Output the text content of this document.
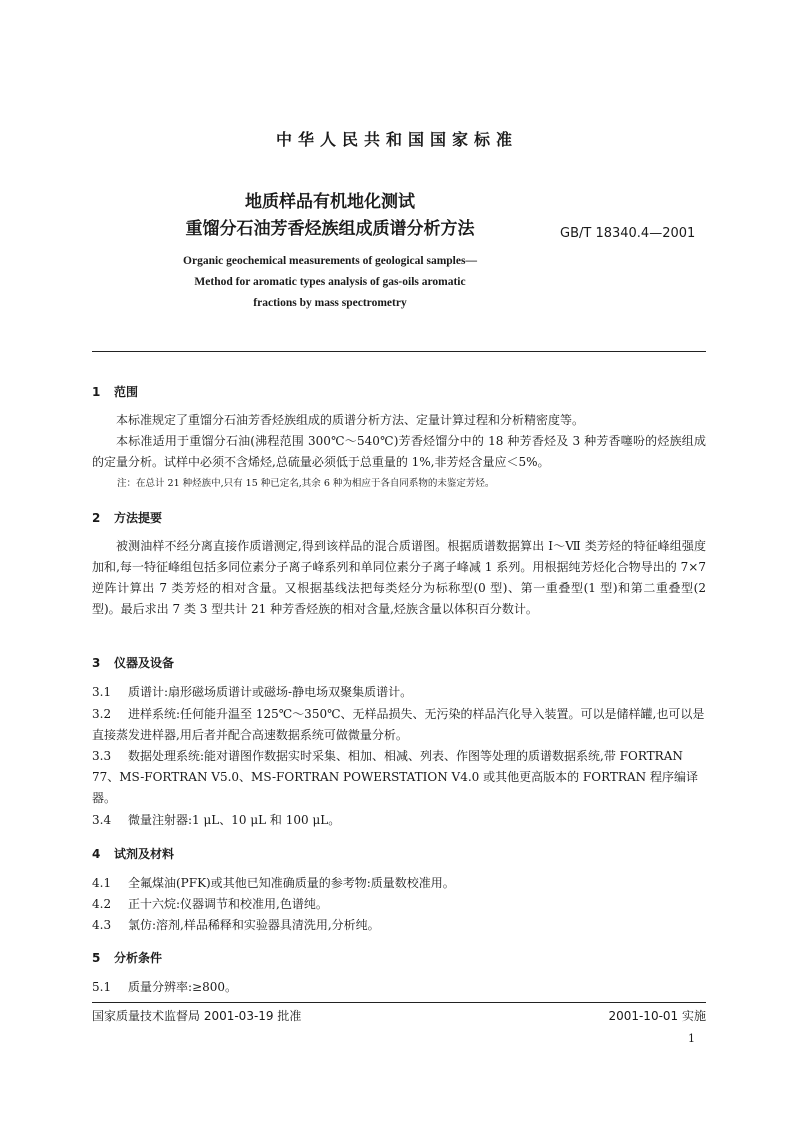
中华人民共和国国家标准
地质样品有机地化测试
重馏分石油芳香烃族组成质谱分析方法	GB/T 18340.4—2001
Organic geochemical measurements of geological samples—
Method for aromatic types analysis of gas-oils aromatic
fractions by mass spectrometry
1 范围
本标准规定了重馏分石油芳香烃族组成的质谱分析方法、定量计算过程和分析精密度等。
本标准适用于重馏分石油(沸程范围 300℃～540℃)芳香烃馏分中的 18 种芳香烃及 3 种芳香噻吩的烃族组成的定量分析。试样中必须不含烯烃,总硫量必须低于总重量的 1%,非芳烃含量应＜5%。
注：在总计 21 种烃族中,只有 15 种已定名,其余 6 种为相应于各自同系物的未鉴定芳烃。
2 方法提要
被测油样不经分离直接作质谱测定,得到该样品的混合质谱图。根据质谱数据算出 Ⅰ～Ⅶ 类芳烃的特征峰组强度加和,每一特征峰组包括多同位素分子离子峰系列和单同位素分子离子峰减 1 系列。用根据纯芳烃化合物导出的 7×7 逆阵计算出 7 类芳烃的相对含量。又根据基线法把每类烃分为标称型(0 型)、第一重叠型(1 型)和第二重叠型(2 型)。最后求出 7 类 3 型共计 21 种芳香烃族的相对含量,烃族含量以体积百分数计。
3 仪器及设备
3.1 质谱计:扇形磁场质谱计或磁场-静电场双聚集质谱计。
3.2 进样系统:任何能升温至 125℃～350℃、无样品损失、无污染的样品汽化导入装置。可以是储样罐,也可以是直接蒸发进样器,用后者并配合高速数据系统可做微量分析。
3.3 数据处理系统:能对谱图作数据实时采集、相加、相减、列表、作图等处理的质谱数据系统,带 FORTRAN 77、MS-FORTRAN V5.0、MS-FORTRAN POWERSTATION V4.0 或其他更高版本的 FORTRAN 程序编译器。
3.4 微量注射器:1 μL、10 μL 和 100 μL。
4 试剂及材料
4.1 全氟煤油(PFK)或其他已知准确质量的参考物:质量数校准用。
4.2 正十六烷:仪器调节和校准用,色谱纯。
4.3 氯仿:溶剂,样品稀释和实验器具清洗用,分析纯。
5 分析条件
5.1 质量分辨率:≥800。
国家质量技术监督局 2001-03-19 批准	2001-10-01 实施
1
